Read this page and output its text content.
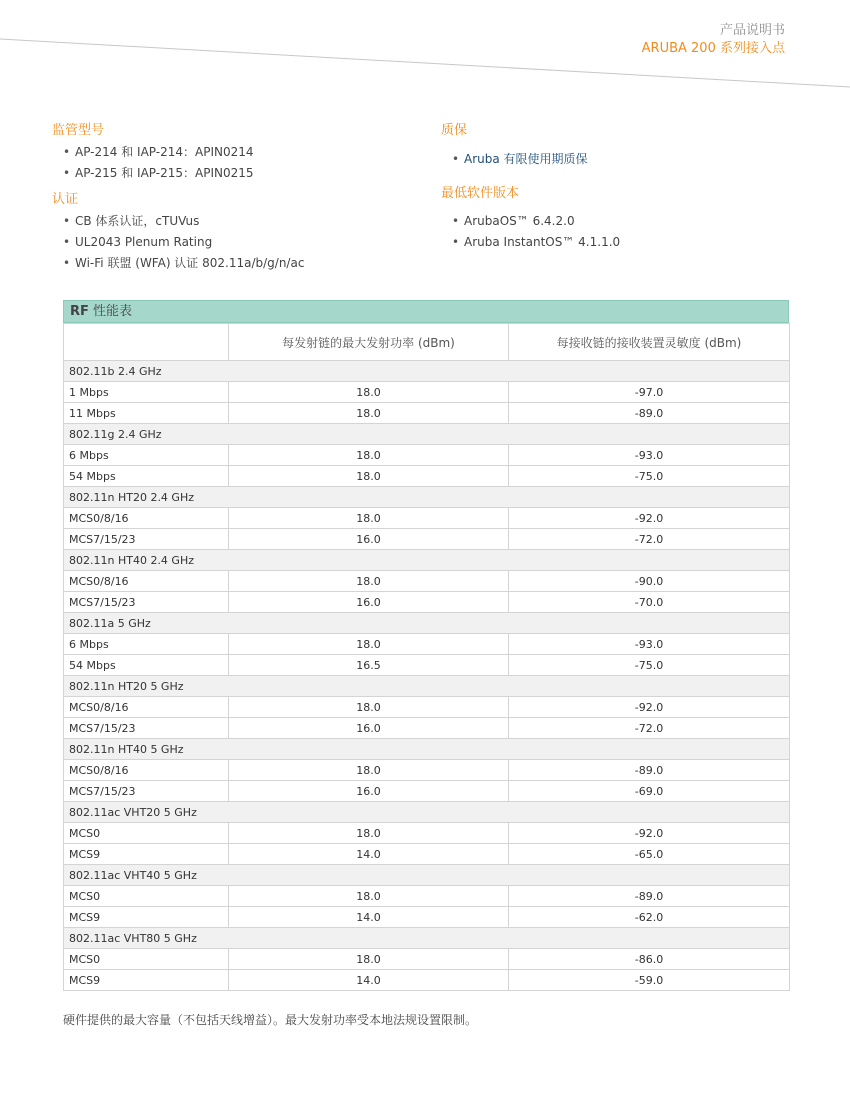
产品说明书
ARUBA 200 系列接入点
监管型号
• AP-214 和 IAP-214：APIN0214
• AP-215 和 IAP-215：APIN0215
认证
• CB 体系认证，cTUVus
• UL2043 Plenum Rating
• Wi-Fi 联盟 (WFA) 认证 802.11a/b/g/n/ac
质保
• Aruba 有限使用期质保
最低软件版本
• ArubaOS™ 6.4.2.0
• Aruba InstantOS™ 4.1.1.0
RF 性能表
	每发射链的最大发射功率 (dBm)	每接收链的接收装置灵敏度 (dBm)
802.11b 2.4 GHz		
1 Mbps	18.0	-97.0
11 Mbps	18.0	-89.0
802.11g 2.4 GHz		
6 Mbps	18.0	-93.0
54 Mbps	18.0	-75.0
802.11n HT20 2.4 GHz		
MCS0/8/16	18.0	-92.0
MCS7/15/23	16.0	-72.0
802.11n HT40 2.4 GHz		
MCS0/8/16	18.0	-90.0
MCS7/15/23	16.0	-70.0
802.11a 5 GHz		
6 Mbps	18.0	-93.0
54 Mbps	16.5	-75.0
802.11n HT20 5 GHz		
MCS0/8/16	18.0	-92.0
MCS7/15/23	16.0	-72.0
802.11n HT40 5 GHz		
MCS0/8/16	18.0	-89.0
MCS7/15/23	16.0	-69.0
802.11ac VHT20 5 GHz		
MCS0	18.0	-92.0
MCS9	14.0	-65.0
802.11ac VHT40 5 GHz		
MCS0	18.0	-89.0
MCS9	14.0	-62.0
802.11ac VHT80 5 GHz		
MCS0	18.0	-86.0
MCS9	14.0	-59.0
硬件提供的最大容量（不包括天线增益）。最大发射功率受本地法规设置限制。
